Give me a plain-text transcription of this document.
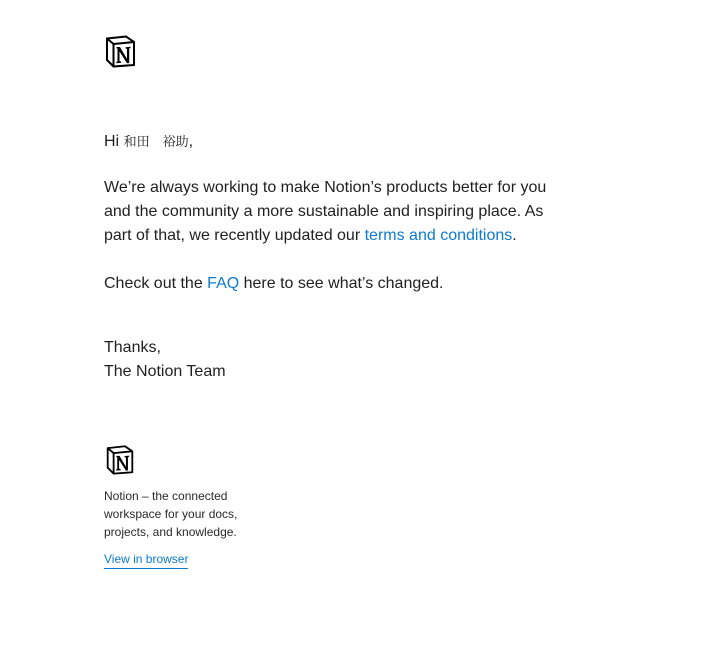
Hi 和田　裕助,

We’re always working to make Notion’s products better for you and the community a more sustainable and inspiring place. As part of that, we recently updated our terms and conditions.

Check out the FAQ here to see what’s changed.

Thanks,
The Notion Team

Notion – the connected workspace for your docs, projects, and knowledge.

View in browser
